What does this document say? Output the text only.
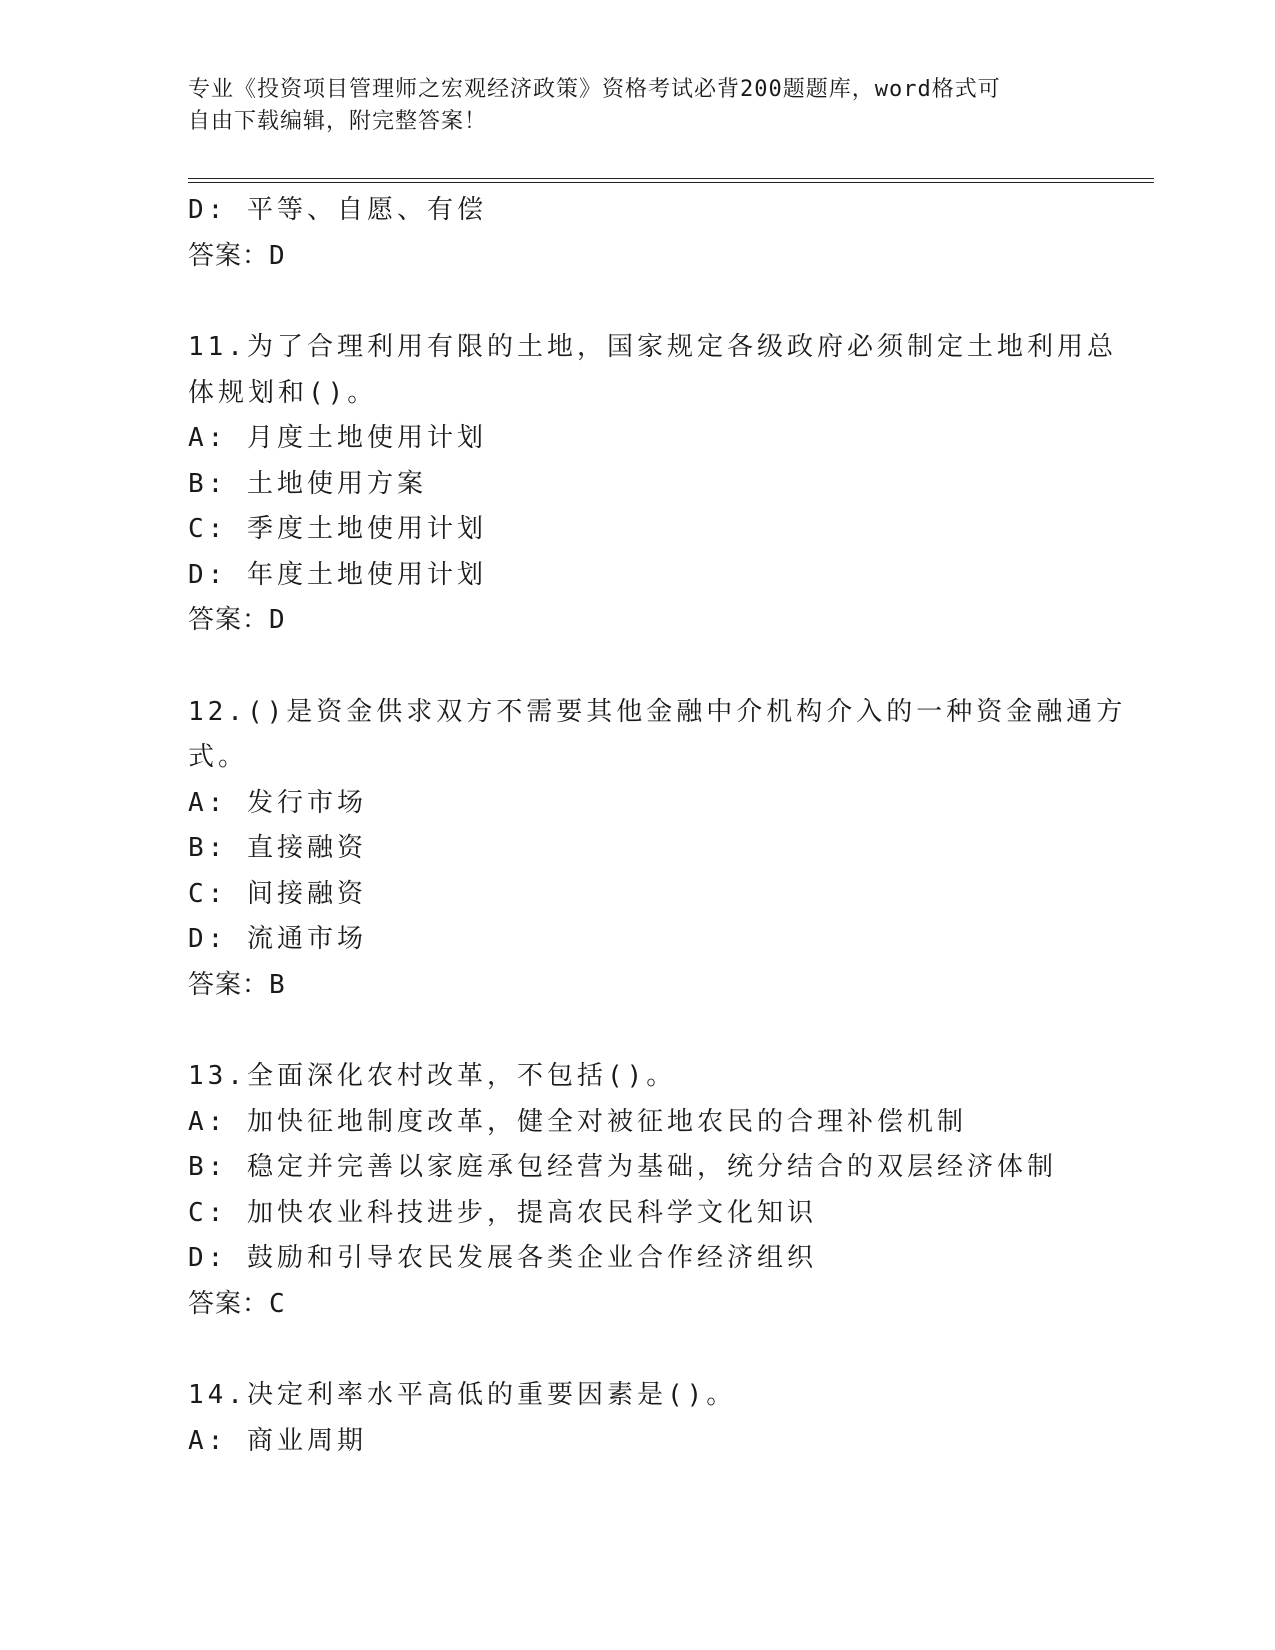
专业《投资项目管理师之宏观经济政策》资格考试必背200题题库，word格式可
自由下载编辑，附完整答案！
D: 平等、自愿、有偿
答案：D
11.为了合理利用有限的土地，国家规定各级政府必须制定土地利用总
体规划和()。
A: 月度土地使用计划
B: 土地使用方案
C: 季度土地使用计划
D: 年度土地使用计划
答案：D
12.()是资金供求双方不需要其他金融中介机构介入的一种资金融通方
式。
A: 发行市场
B: 直接融资
C: 间接融资
D: 流通市场
答案：B
13.全面深化农村改革，不包括()。
A: 加快征地制度改革，健全对被征地农民的合理补偿机制
B: 稳定并完善以家庭承包经营为基础，统分结合的双层经济体制
C: 加快农业科技进步，提高农民科学文化知识
D: 鼓励和引导农民发展各类企业合作经济组织
答案：C
14.决定利率水平高低的重要因素是()。
A: 商业周期
